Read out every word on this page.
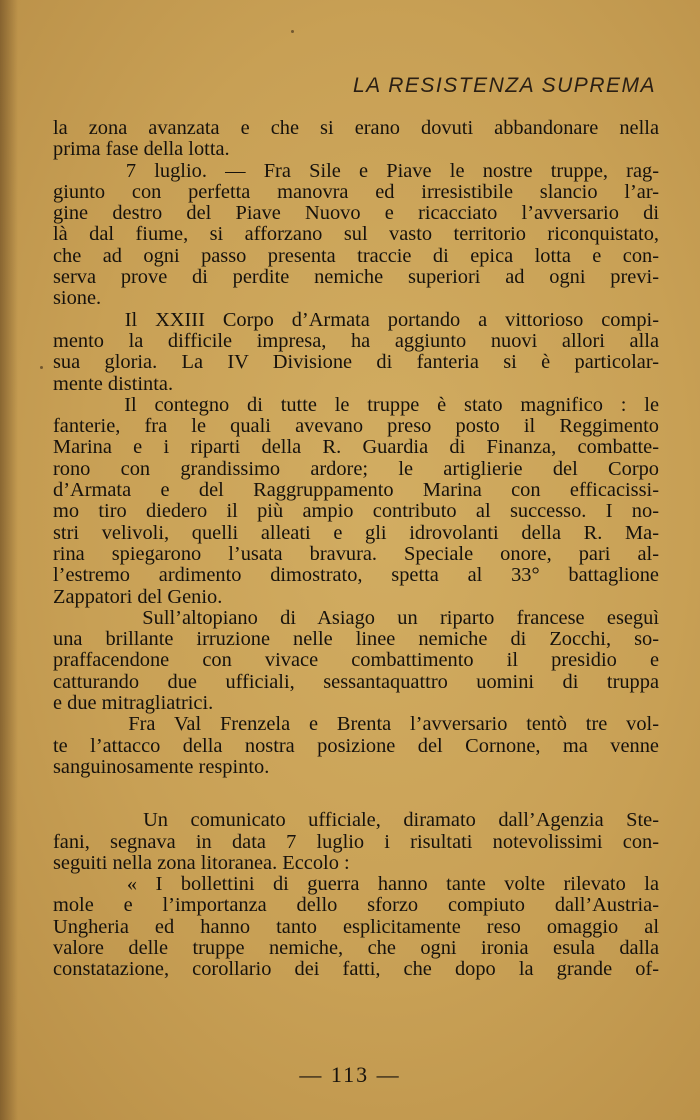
LA RESISTENZA SUPREMA
la zona avanzata e che si erano dovuti abbandonare nella
prima fase della lotta.
7 luglio. — Fra Sile e Piave le nostre truppe, rag-
giunto con perfetta manovra ed irresistibile slancio l’ar-
gine destro del Piave Nuovo e ricacciato l’avversario di
là dal fiume, si afforzano sul vasto territorio riconquistato,
che ad ogni passo presenta traccie di epica lotta e con-
serva prove di perdite nemiche superiori ad ogni previ-
sione.
Il XXIII Corpo d’Armata portando a vittorioso compi-
mento la difficile impresa, ha aggiunto nuovi allori alla
sua gloria. La IV Divisione di fanteria si è particolar-
mente distinta.
Il contegno di tutte le truppe è stato magnifico : le
fanterie, fra le quali avevano preso posto il Reggimento
Marina e i riparti della R. Guardia di Finanza, combatte-
rono con grandissimo ardore; le artiglierie del Corpo
d’Armata e del Raggruppamento Marina con efficacissi-
mo tiro diedero il più ampio contributo al successo. I no-
stri velivoli, quelli alleati e gli idrovolanti della R. Ma-
rina spiegarono l’usata bravura. Speciale onore, pari al-
l’estremo ardimento dimostrato, spetta al 33° battaglione
Zappatori del Genio.
Sull’altopiano di Asiago un riparto francese eseguì
una brillante irruzione nelle linee nemiche di Zocchi, so-
praffacendone con vivace combattimento il presidio e
catturando due ufficiali, sessantaquattro uomini di truppa
e due mitragliatrici.
Fra Val Frenzela e Brenta l’avversario tentò tre vol-
te l’attacco della nostra posizione del Cornone, ma venne
sanguinosamente respinto.
Un comunicato ufficiale, diramato dall’Agenzia Ste-
fani, segnava in data 7 luglio i risultati notevolissimi con-
seguiti nella zona litoranea. Eccolo :
« I bollettini di guerra hanno tante volte rilevato la
mole e l’importanza dello sforzo compiuto dall’Austria-
Ungheria ed hanno tanto esplicitamente reso omaggio al
valore delle truppe nemiche, che ogni ironia esula dalla
constatazione, corollario dei fatti, che dopo la grande of-
— 113 —
